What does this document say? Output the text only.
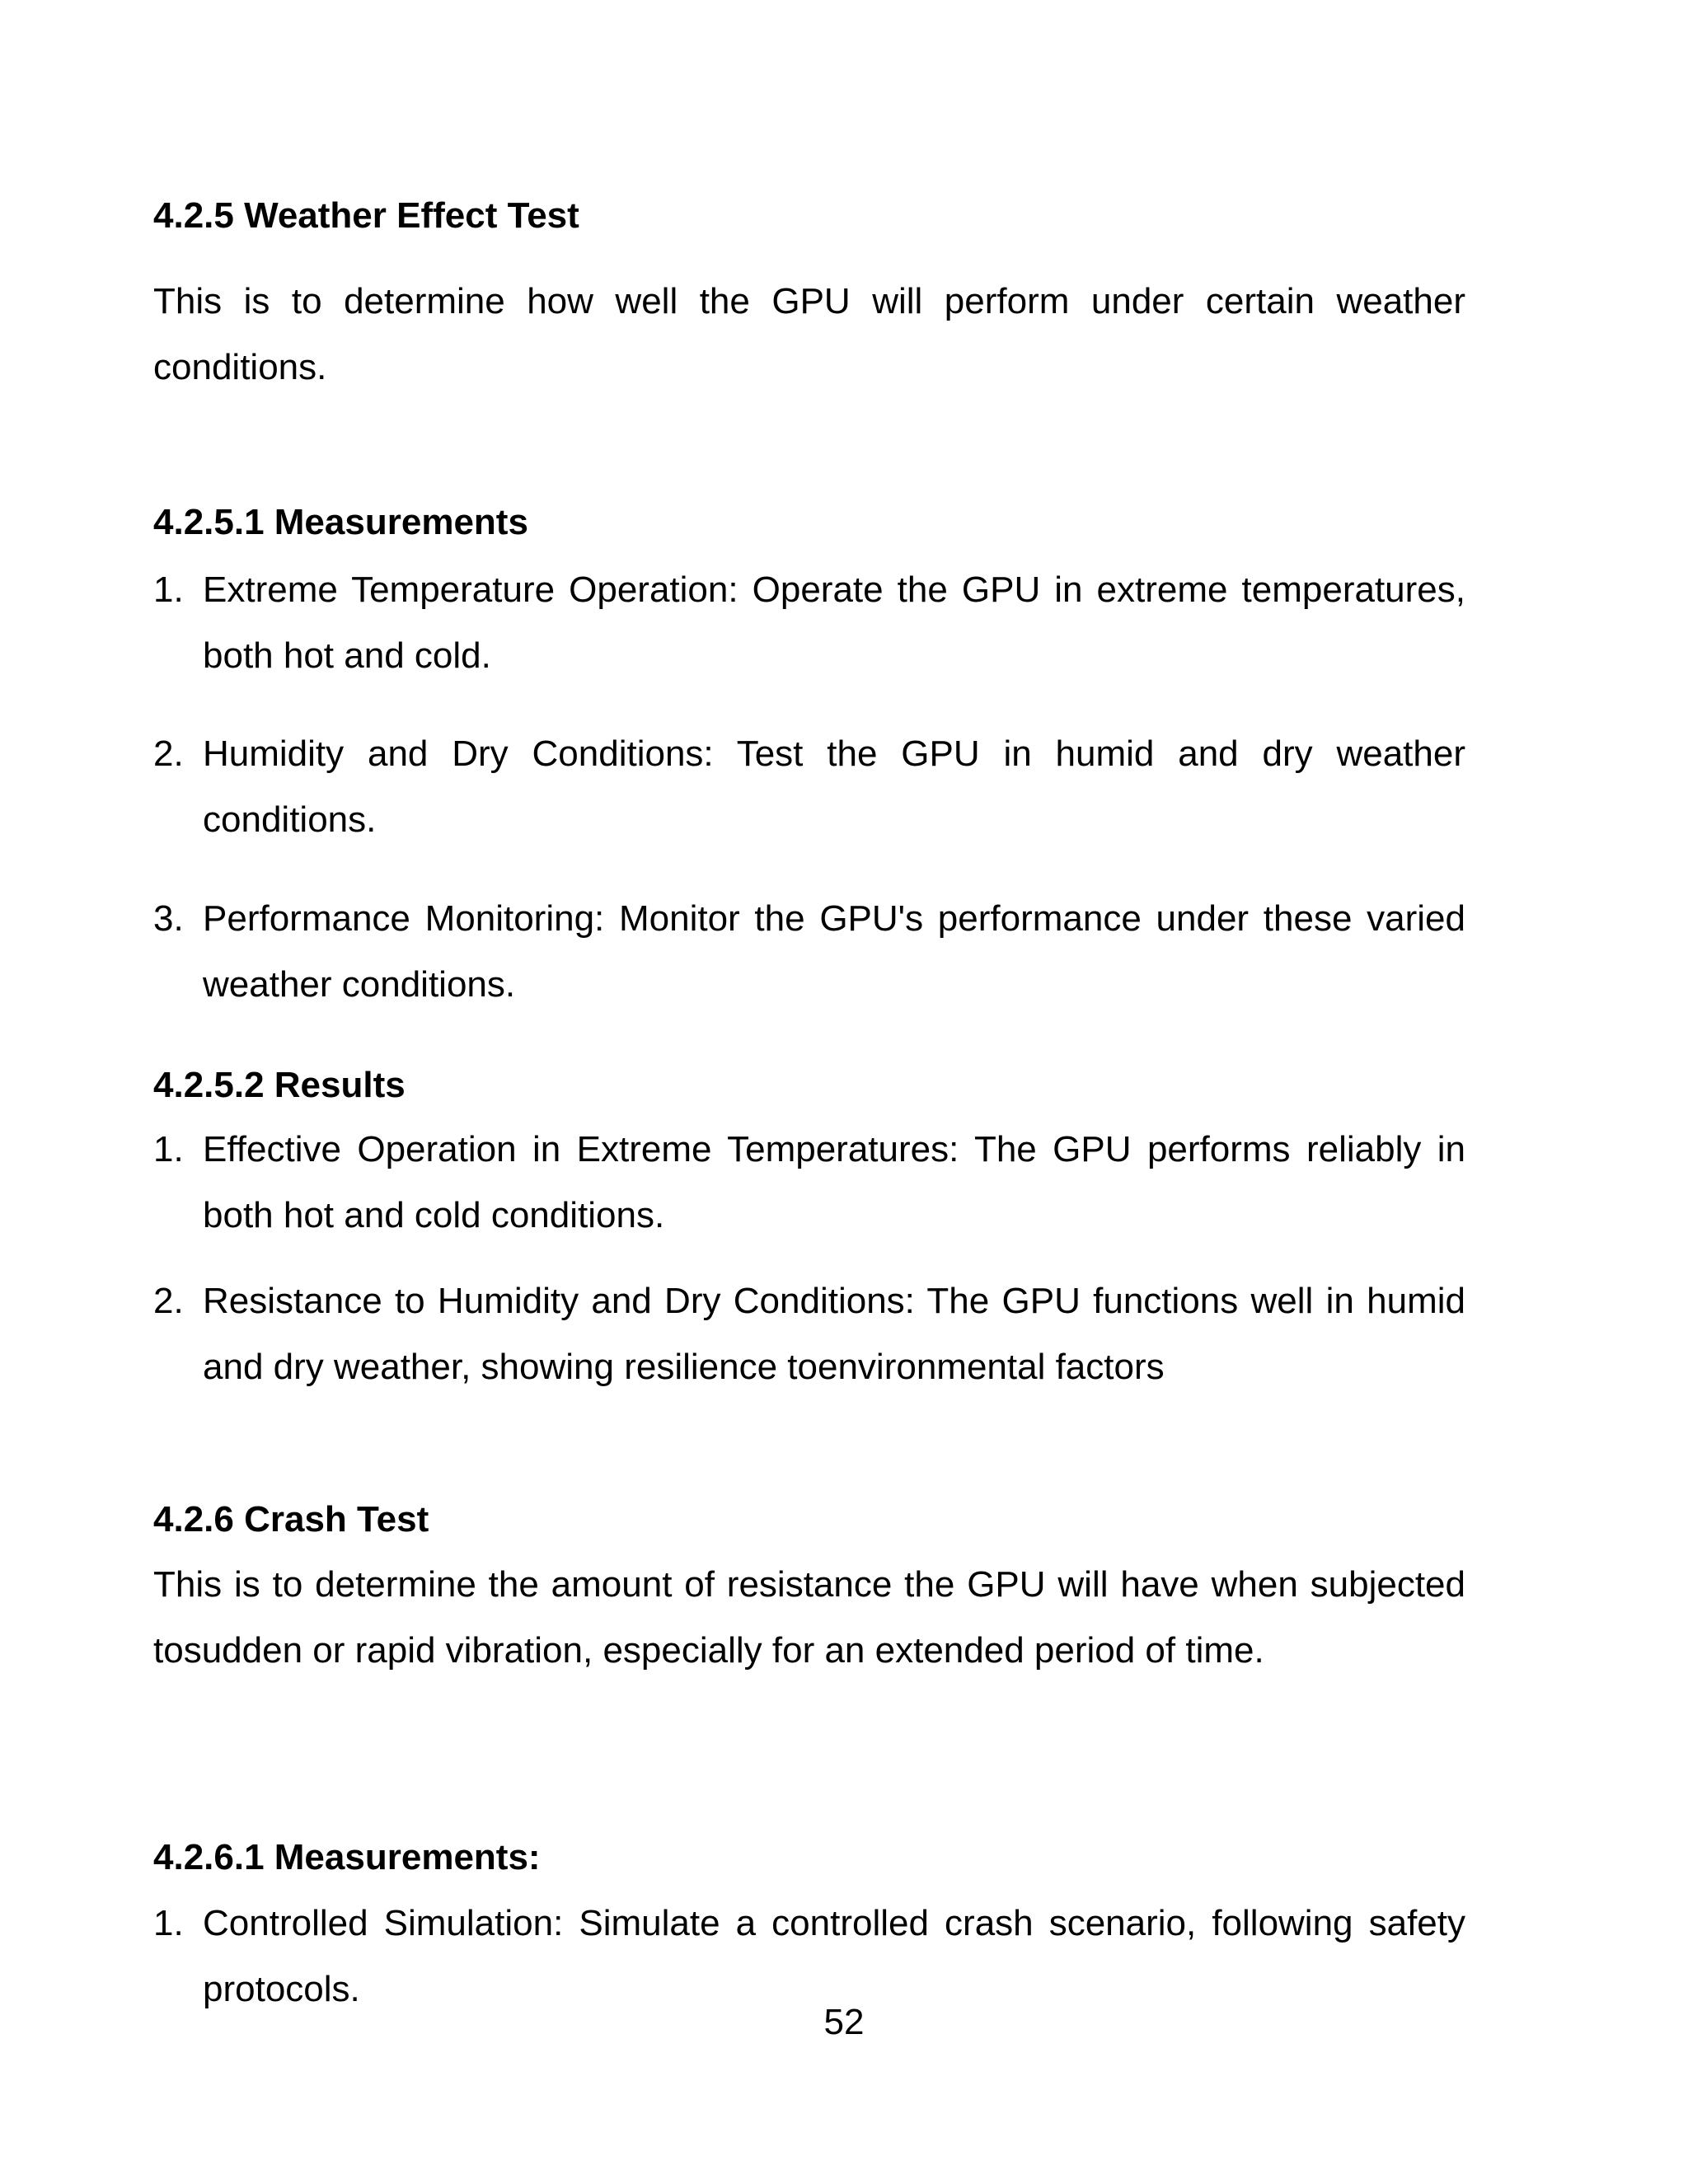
4.2.5 Weather Effect Test

This is to determine how well the GPU will perform under certain weather conditions.

4.2.5.1 Measurements
1. Extreme Temperature Operation: Operate the GPU in extreme temperatures, both hot and cold.
2. Humidity and Dry Conditions: Test the GPU in humid and dry weather conditions.
3. Performance Monitoring: Monitor the GPU's performance under these varied weather conditions.
4.2.5.2 Results
1. Effective Operation in Extreme Temperatures: The GPU performs reliably in both hot and cold conditions.
2. Resistance to Humidity and Dry Conditions: The GPU functions well in humid and dry weather, showing resilience toenvironmental factors
4.2.6 Crash Test

This is to determine the amount of resistance the GPU will have when subjected tosudden or rapid vibration, especially for an extended period of time.

4.2.6.1 Measurements:
1. Controlled Simulation: Simulate a controlled crash scenario, following safety protocols.

52
